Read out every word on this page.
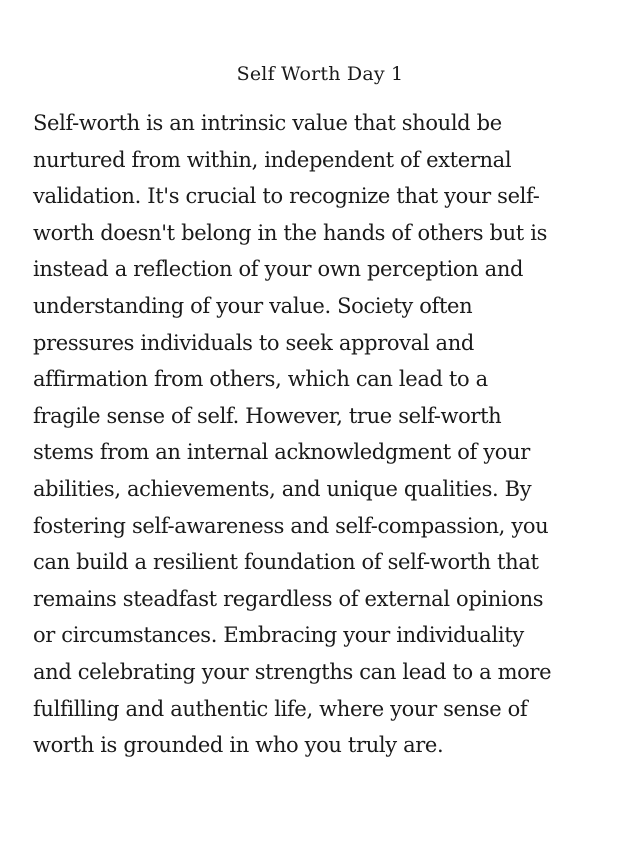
Self Worth Day 1
Self-worth is an intrinsic value that should be
nurtured from within, independent of external
validation. It's crucial to recognize that your self-
worth doesn't belong in the hands of others but is
instead a reflection of your own perception and
understanding of your value. Society often
pressures individuals to seek approval and
affirmation from others, which can lead to a
fragile sense of self. However, true self-worth
stems from an internal acknowledgment of your
abilities, achievements, and unique qualities. By
fostering self-awareness and self-compassion, you
can build a resilient foundation of self-worth that
remains steadfast regardless of external opinions
or circumstances. Embracing your individuality
and celebrating your strengths can lead to a more
fulfilling and authentic life, where your sense of
worth is grounded in who you truly are.
